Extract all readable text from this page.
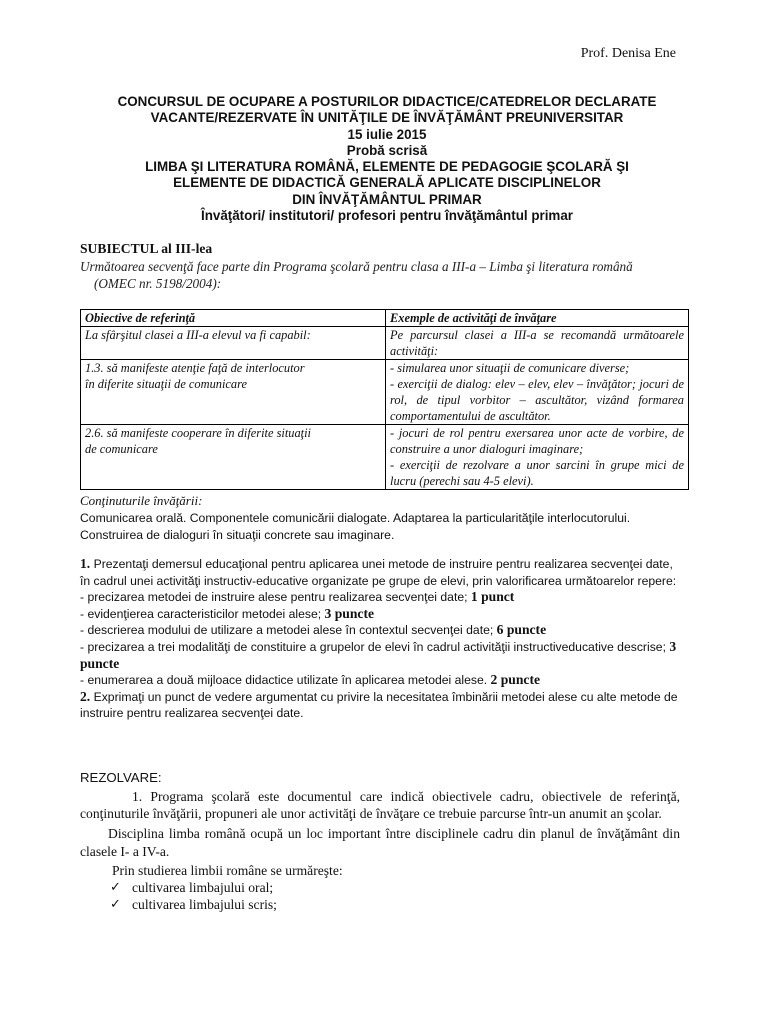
Prof. Denisa Ene
CONCURSUL DE OCUPARE A POSTURILOR DIDACTICE/CATEDRELOR DECLARATE
VACANTE/REZERVATE ÎN UNITĂŢILE DE ÎNVĂŢĂMÂNT PREUNIVERSITAR
15 iulie 2015
Probă scrisă
LIMBA ŞI LITERATURA ROMÂNĂ, ELEMENTE DE PEDAGOGIE ŞCOLARĂ ŞI
ELEMENTE DE DIDACTICĂ GENERALĂ APLICATE DISCIPLINELOR
DIN ÎNVĂŢĂMÂNTUL PRIMAR
Învăţători/ institutori/ profesori pentru învăţământul primar
SUBIECTUL al III-lea
Următoarea secvenţă face parte din Programa şcolară pentru clasa a III-a – Limba şi literatura română
(OMEC nr. 5198/2004):
Obiective de referinţă	Exemple de activităţi de învăţare
La sfârşitul clasei a III-a elevul va fi capabil:	Pe parcursul clasei a III-a se recomandă următoarele activităţi:

1.3. să manifeste atenţie faţă de interlocutor în diferite situaţii de comunicare	- simularea unor situaţii de comunicare diverse;
- exerciţii de dialog: elev – elev, elev – învăţător; jocuri de rol, de tipul vorbitor – ascultător, vizând formarea comportamentului de ascultător.

2.6. să manifeste cooperare în diferite situaţii de comunicare	- jocuri de rol pentru exersarea unor acte de vorbire, de construire a unor dialoguri imaginare;
- exerciţii de rezolvare a unor sarcini în grupe mici de lucru (perechi sau 4-5 elevi).
Conţinuturile învăţării:
Comunicarea orală. Componentele comunicării dialogate. Adaptarea la particularităţile interlocutorului.
Construirea de dialoguri în situaţii concrete sau imaginare.
1. Prezentaţi demersul educaţional pentru aplicarea unei metode de instruire pentru realizarea secvenţei date, în cadrul unei activităţi instructiv-educative organizate pe grupe de elevi, prin valorificarea următoarelor repere:
- precizarea metodei de instruire alese pentru realizarea secvenţei date; 1 punct
- evidenţierea caracteristicilor metodei alese; 3 puncte
- descrierea modului de utilizare a metodei alese în contextul secvenţei date; 6 puncte
- precizarea a trei modalităţi de constituire a grupelor de elevi în cadrul activităţii instructiveducative descrise; 3 puncte
- enumerarea a două mijloace didactice utilizate în aplicarea metodei alese. 2 puncte
2. Exprimaţi un punct de vedere argumentat cu privire la necesitatea îmbinării metodei alese cu alte metode de instruire pentru realizarea secvenţei date.
REZOLVARE:

1. Programa şcolară este documentul care indică obiectivele cadru, obiectivele de referinţă, conţinuturile învăţării, propuneri ale unor activităţi de învăţare ce trebuie parcurse într-un anumit an şcolar.

Disciplina limba română ocupă un loc important între disciplinele cadru din planul de învăţământ din clasele I- a IV-a.

Prin studierea limbii române se urmăreşte:
✓ cultivarea limbajului oral;
✓ cultivarea limbajului scris;
